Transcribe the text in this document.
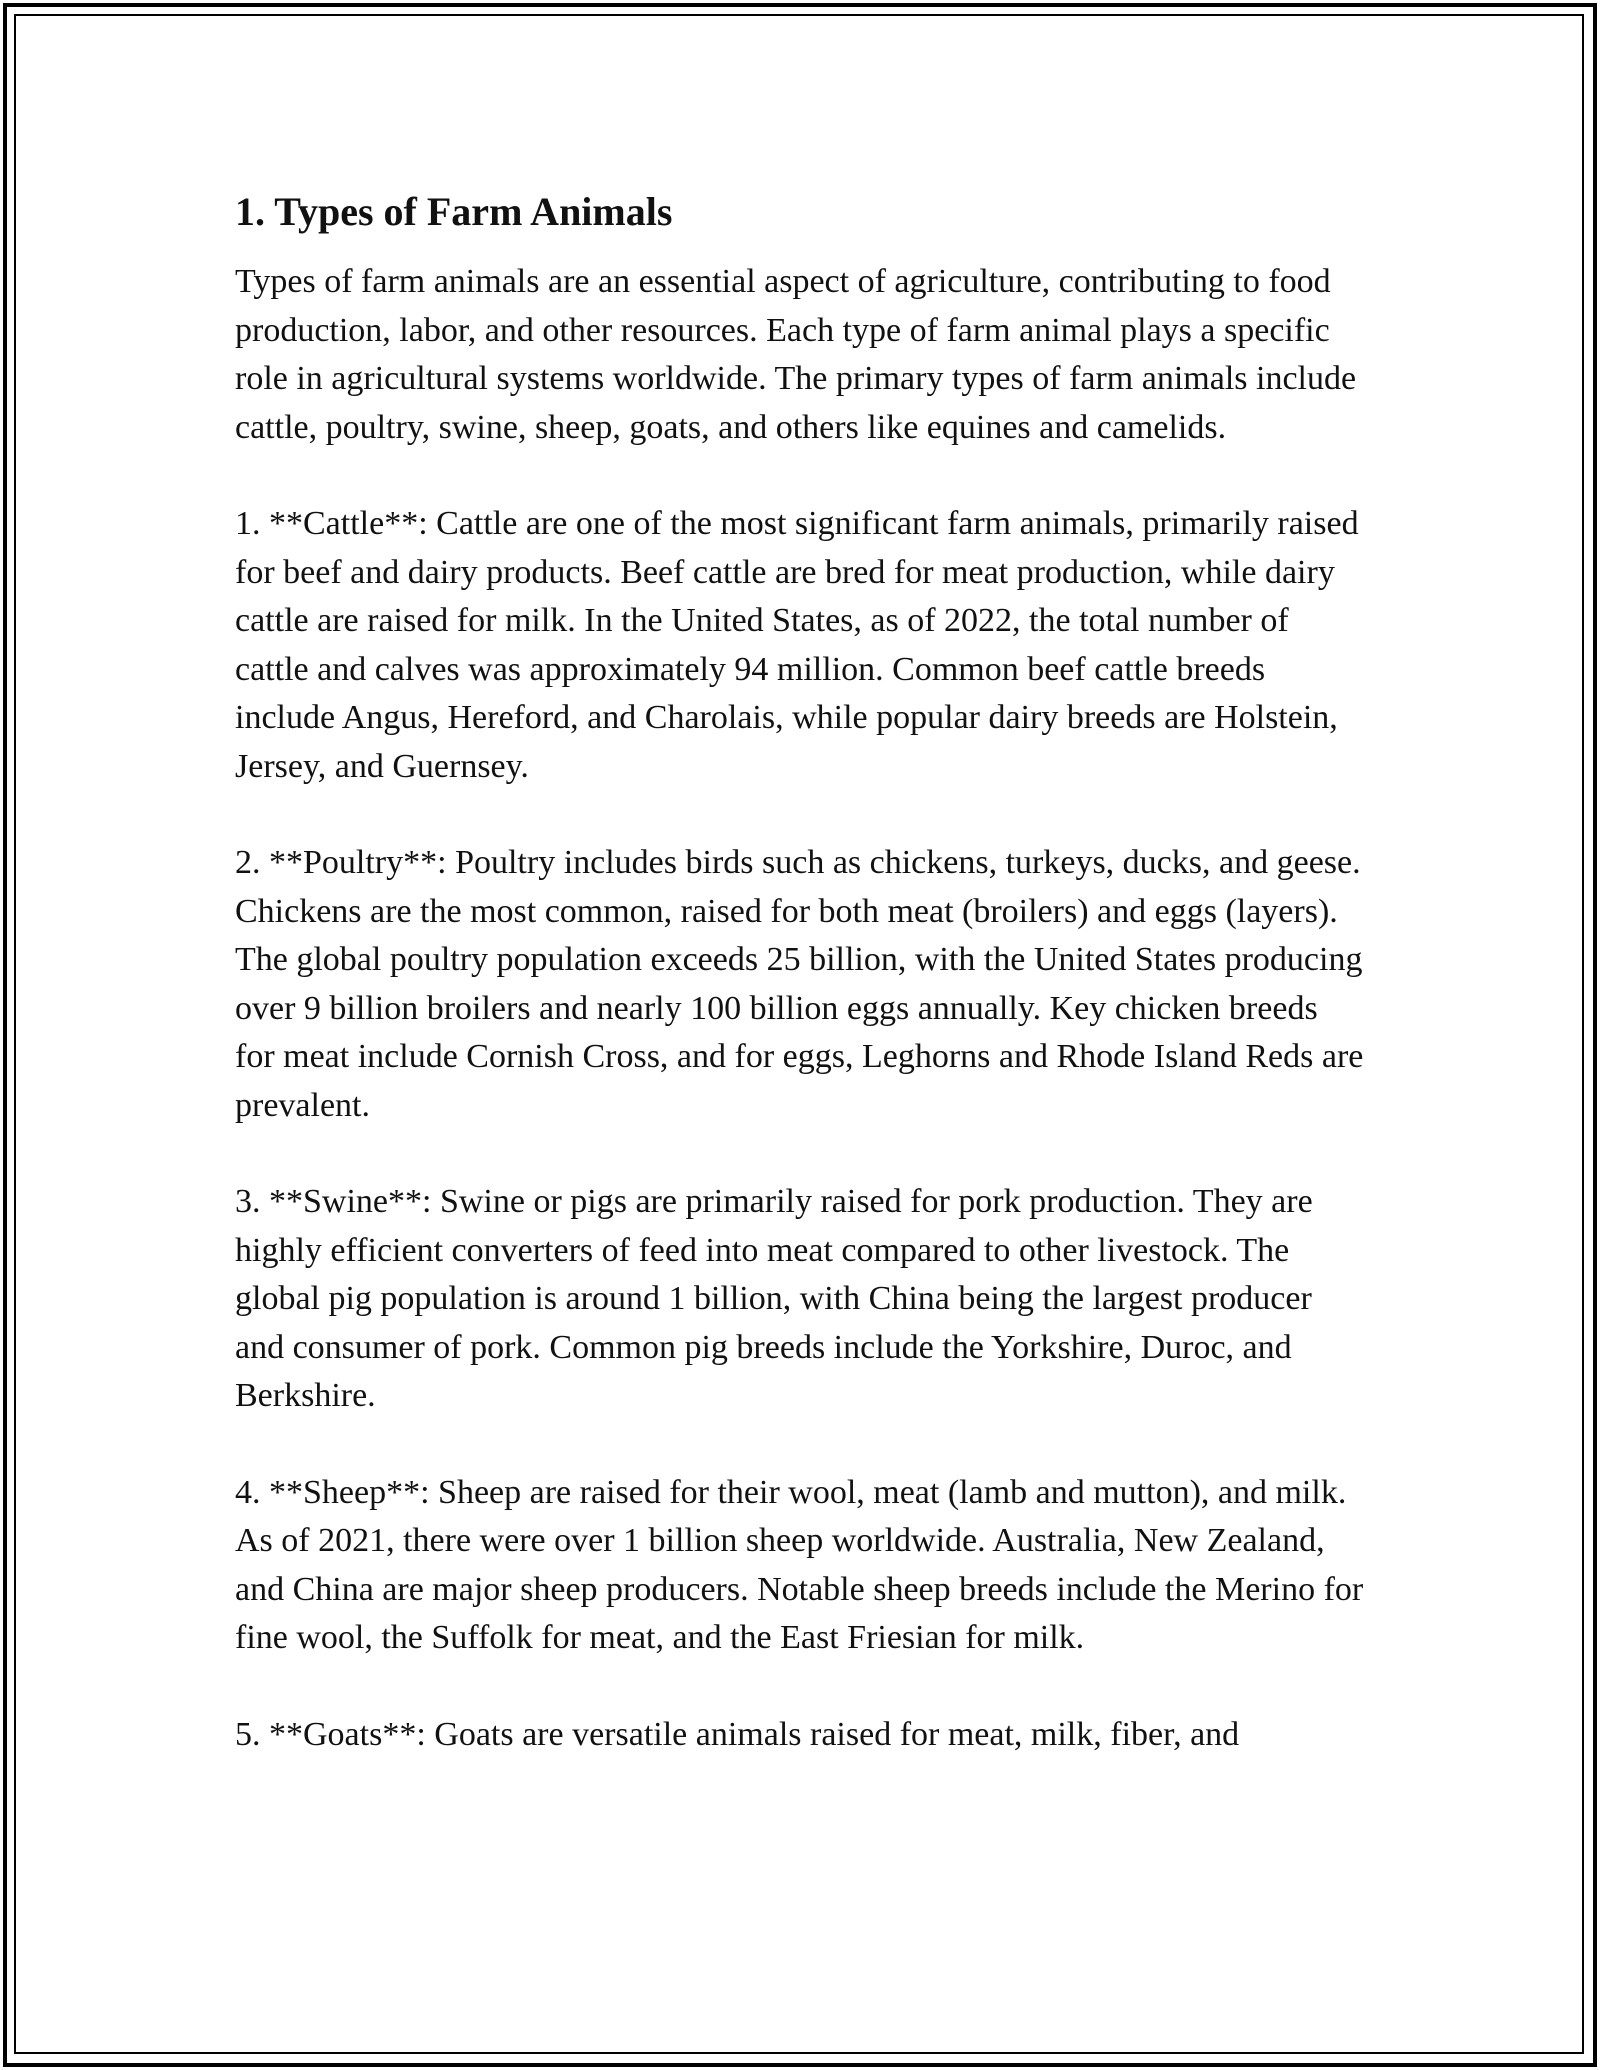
1. Types of Farm Animals

Types of farm animals are an essential aspect of agriculture, contributing to food production, labor, and other resources. Each type of farm animal plays a specific role in agricultural systems worldwide. The primary types of farm animals include cattle, poultry, swine, sheep, goats, and others like equines and camelids.

1. **Cattle**: Cattle are one of the most significant farm animals, primarily raised for beef and dairy products. Beef cattle are bred for meat production, while dairy cattle are raised for milk. In the United States, as of 2022, the total number of cattle and calves was approximately 94 million. Common beef cattle breeds include Angus, Hereford, and Charolais, while popular dairy breeds are Holstein, Jersey, and Guernsey.

2. **Poultry**: Poultry includes birds such as chickens, turkeys, ducks, and geese. Chickens are the most common, raised for both meat (broilers) and eggs (layers). The global poultry population exceeds 25 billion, with the United States producing over 9 billion broilers and nearly 100 billion eggs annually. Key chicken breeds for meat include Cornish Cross, and for eggs, Leghorns and Rhode Island Reds are prevalent.

3. **Swine**: Swine or pigs are primarily raised for pork production. They are highly efficient converters of feed into meat compared to other livestock. The global pig population is around 1 billion, with China being the largest producer and consumer of pork. Common pig breeds include the Yorkshire, Duroc, and Berkshire.

4. **Sheep**: Sheep are raised for their wool, meat (lamb and mutton), and milk. As of 2021, there were over 1 billion sheep worldwide. Australia, New Zealand, and China are major sheep producers. Notable sheep breeds include the Merino for fine wool, the Suffolk for meat, and the East Friesian for milk.

5. **Goats**: Goats are versatile animals raised for meat, milk, fiber, and
